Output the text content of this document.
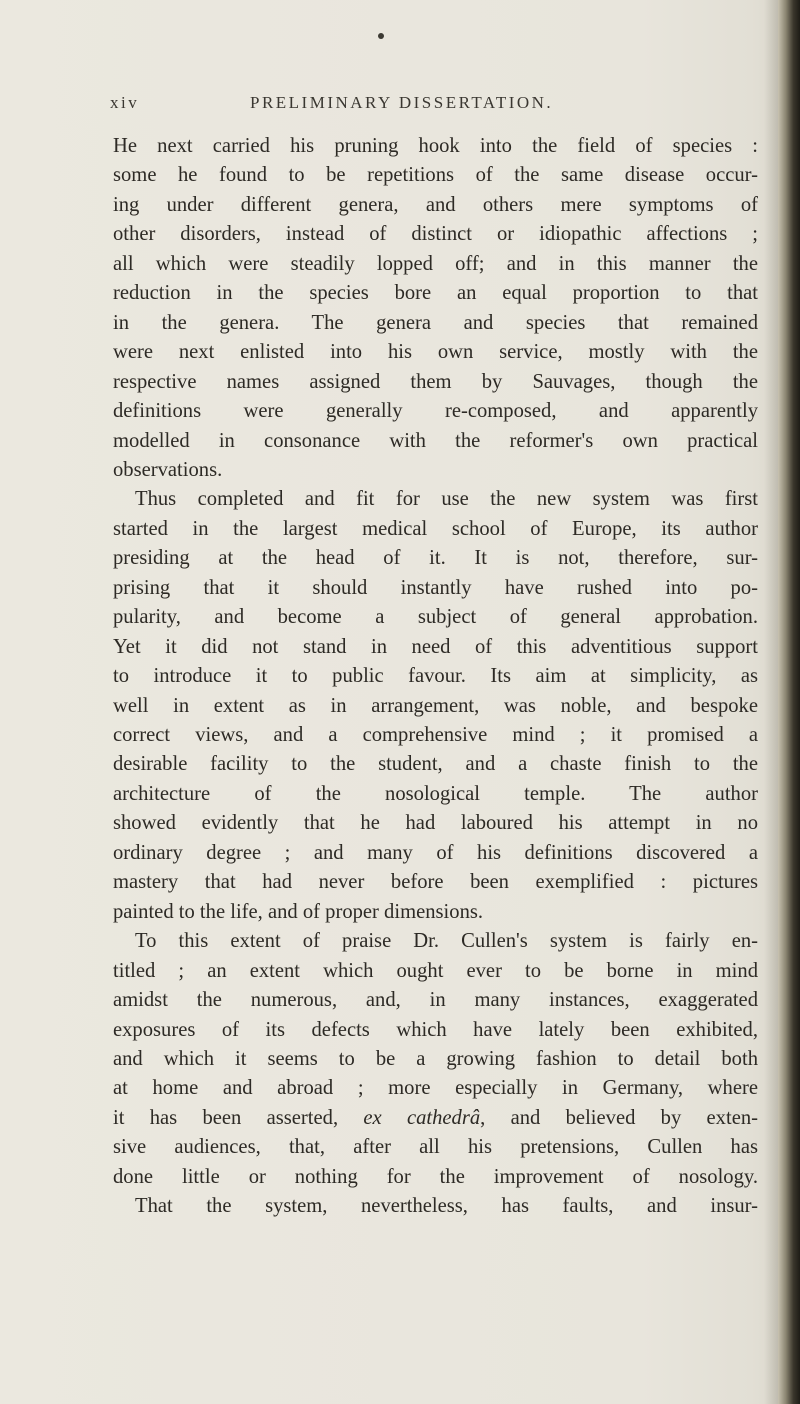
xiv	PRELIMINARY DISSERTATION.
He next carried his pruning hook into the field of species :
some he found to be repetitions of the same disease occur-
ing under different genera, and others mere symptoms of
other disorders, instead of distinct or idiopathic affections ;
all which were steadily lopped off; and in this manner the
reduction in the species bore an equal proportion to that
in the genera. The genera and species that remained
were next enlisted into his own service, mostly with the
respective names assigned them by Sauvages, though the
definitions were generally re-composed, and apparently
modelled in consonance with the reformer's own practical
observations.
Thus completed and fit for use the new system was first
started in the largest medical school of Europe, its author
presiding at the head of it. It is not, therefore, sur-
prising that it should instantly have rushed into po-
pularity, and become a subject of general approbation.
Yet it did not stand in need of this adventitious support
to introduce it to public favour. Its aim at simplicity, as
well in extent as in arrangement, was noble, and bespoke
correct views, and a comprehensive mind ; it promised a
desirable facility to the student, and a chaste finish to the
architecture of the nosological temple. The author
showed evidently that he had laboured his attempt in no
ordinary degree ; and many of his definitions discovered a
mastery that had never before been exemplified : pictures
painted to the life, and of proper dimensions.
To this extent of praise Dr. Cullen's system is fairly en-
titled ; an extent which ought ever to be borne in mind
amidst the numerous, and, in many instances, exaggerated
exposures of its defects which have lately been exhibited,
and which it seems to be a growing fashion to detail both
at home and abroad ; more especially in Germany, where
it has been asserted, ex cathedrâ, and believed by exten-
sive audiences, that, after all his pretensions, Cullen has
done little or nothing for the improvement of nosology.
That the system, nevertheless, has faults, and insur-
